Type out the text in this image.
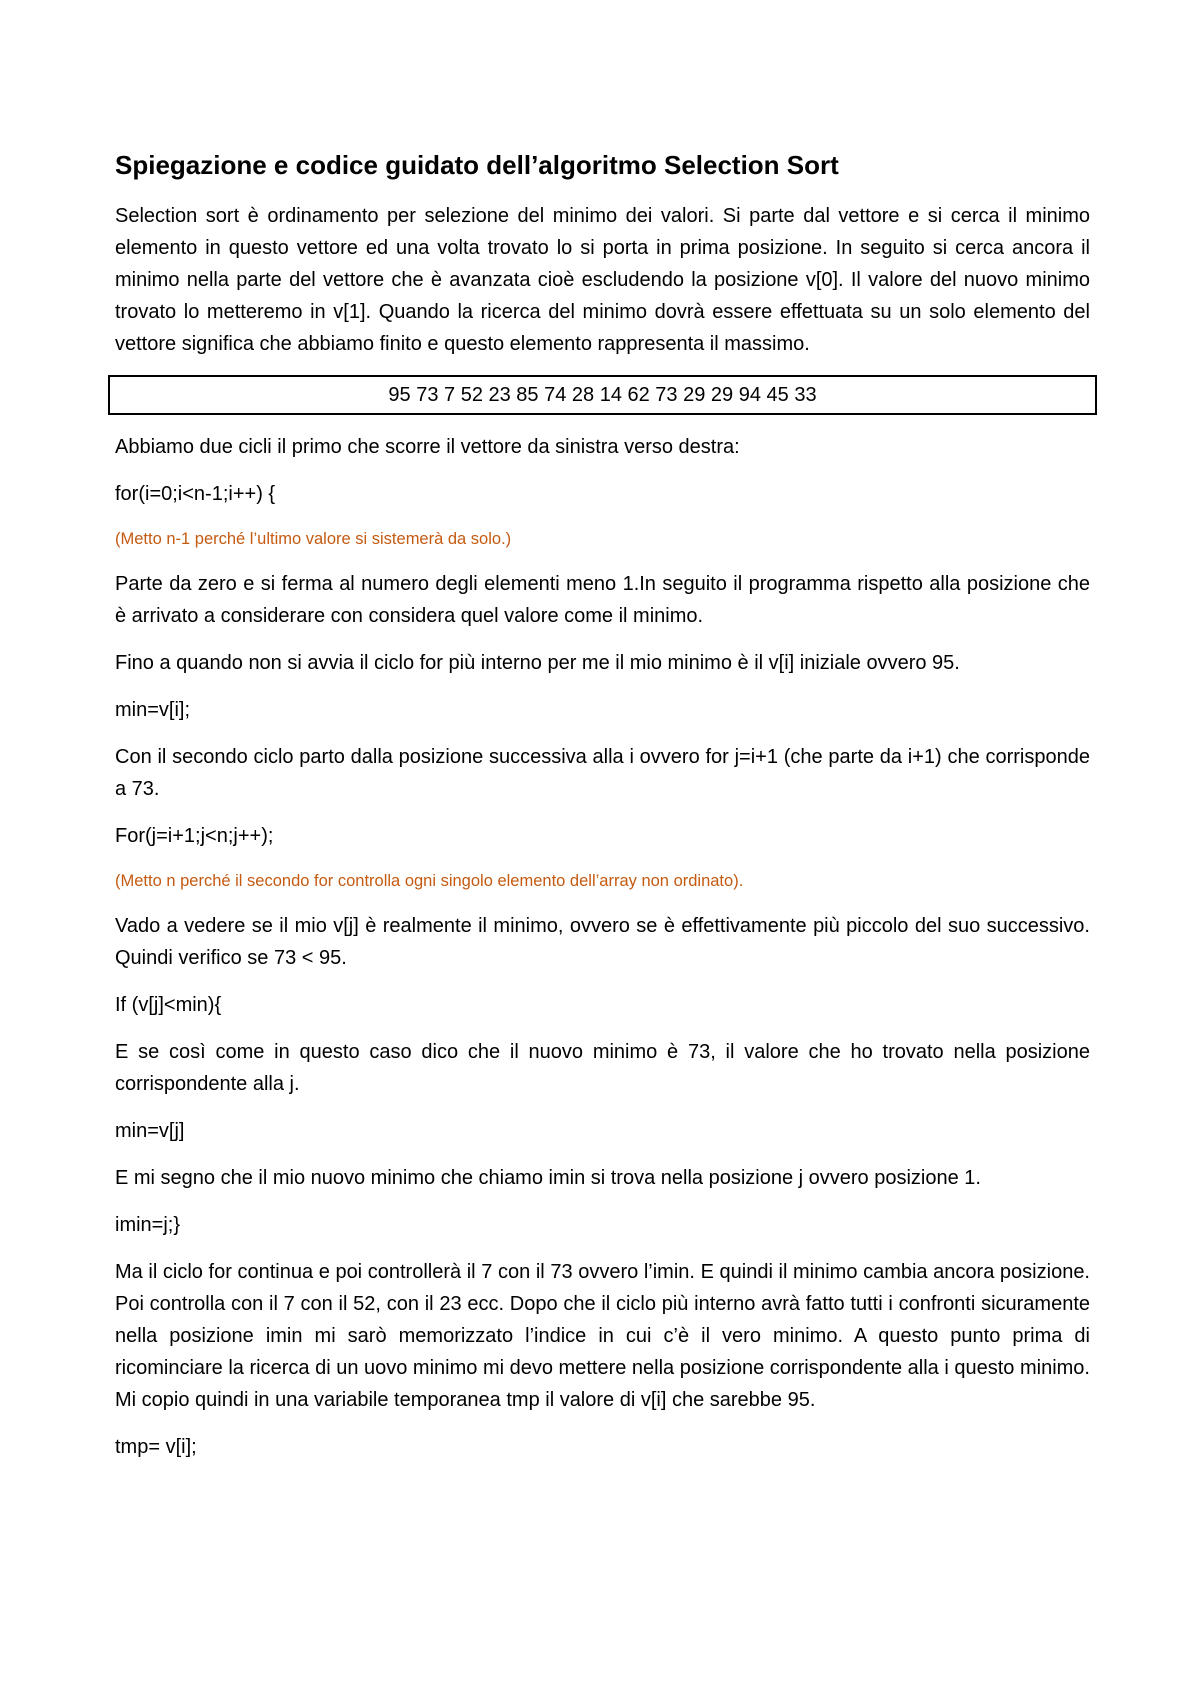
Spiegazione e codice guidato dell’algoritmo Selection Sort

Selection sort è ordinamento per selezione del minimo dei valori. Si parte dal vettore e si cerca il minimo elemento in questo vettore ed una volta trovato lo si porta in prima posizione. In seguito si cerca ancora il minimo nella parte del vettore che è avanzata cioè escludendo la posizione v[0]. Il valore del nuovo minimo trovato lo metteremo in v[1]. Quando la ricerca del minimo dovrà essere effettuata su un solo elemento del vettore significa che abbiamo finito e questo elemento rappresenta il massimo.

95 73 7 52 23 85 74 28 14 62 73 29 29 94 45 33

Abbiamo due cicli il primo che scorre il vettore da sinistra verso destra:

for(i=0;i<n-1;i++) {

(Metto n-1 perché l’ultimo valore si sistemerà da solo.)

Parte da zero e si ferma al numero degli elementi meno 1.In seguito il programma rispetto alla posizione che è arrivato a considerare con considera quel valore come il minimo.

Fino a quando non si avvia il ciclo for più interno per me il mio minimo è il v[i] iniziale ovvero 95.

min=v[i];

Con il secondo ciclo parto dalla posizione successiva alla i ovvero for j=i+1 (che parte da i+1) che corrisponde a 73.

For(j=i+1;j<n;j++);

(Metto n perché il secondo for controlla ogni singolo elemento dell’array non ordinato).

Vado a vedere se il mio v[j] è realmente il minimo, ovvero se è effettivamente più piccolo del suo successivo. Quindi verifico se 73 < 95.

If (v[j]<min){

E se così come in questo caso dico che il nuovo minimo è 73, il valore che ho trovato nella posizione corrispondente alla j.

min=v[j]

E mi segno che il mio nuovo minimo che chiamo imin si trova nella posizione j ovvero posizione 1.

imin=j;}

Ma il ciclo for continua e poi controllerà il 7 con il 73 ovvero l’imin. E quindi il minimo cambia ancora posizione. Poi controlla con il 7 con il 52, con il 23 ecc. Dopo che il ciclo più interno avrà fatto tutti i confronti sicuramente nella posizione imin mi sarò memorizzato l’indice in cui c’è il vero minimo. A questo punto prima di ricominciare la ricerca di un uovo minimo mi devo mettere nella posizione corrispondente alla i questo minimo. Mi copio quindi in una variabile temporanea tmp il valore di v[i] che sarebbe 95.

tmp= v[i];
